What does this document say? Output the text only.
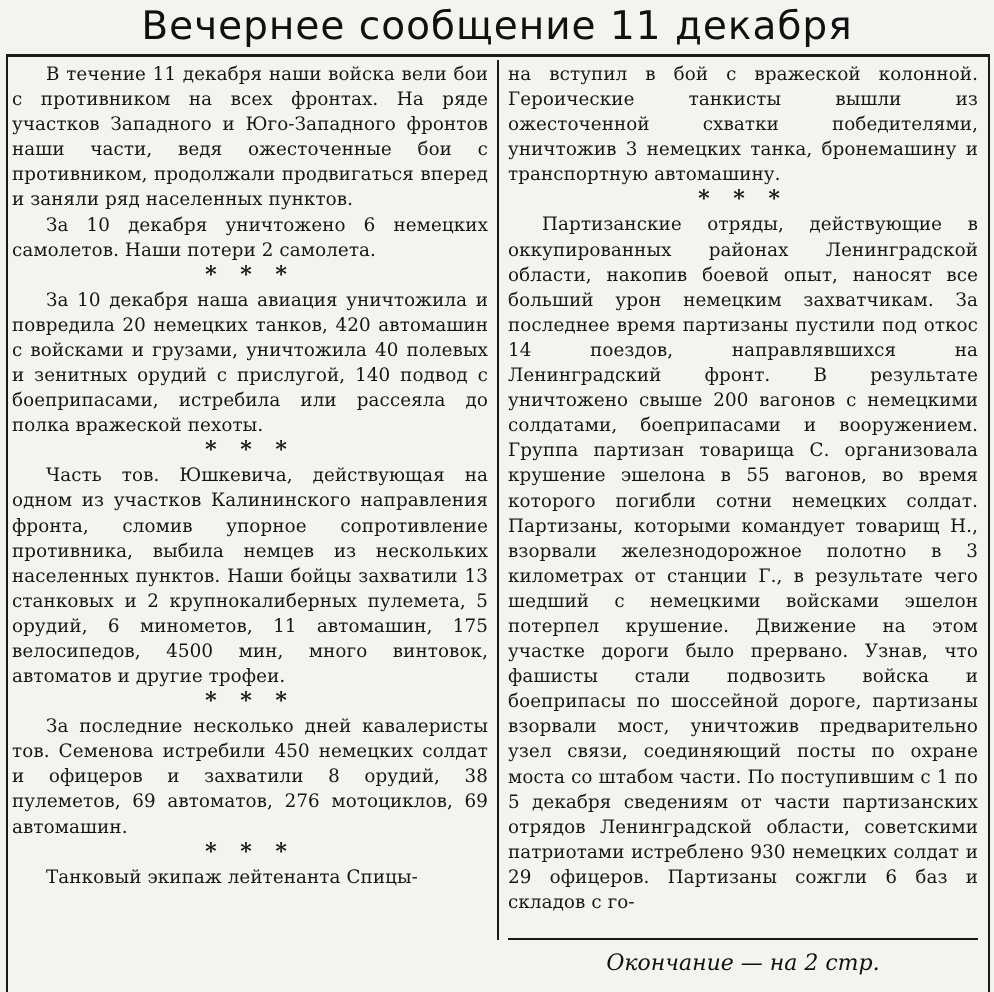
Вечернее сообщение 11 декабря

В течение 11 декабря наши войска вели бои с противником на всех фронтах. На ряде участков Западного и Юго-Западного фронтов наши части, ведя ожесточенные бои с противником, продолжали продвигаться вперед и заняли ряд населенных пунктов.

За 10 декабря уничтожено 6 немецких самолетов. Наши потери 2 самолета.

* * *

За 10 декабря наша авиация уничтожила и повредила 20 немецких танков, 420 автомашин с войсками и грузами, уничтожила 40 полевых и зенитных орудий с прислугой, 140 подвод с боеприпасами, истребила или рассеяла до полка вражеской пехоты.

* * *

Часть тов. Юшкевича, действующая на одном из участков Калининского направления фронта, сломив упорное сопротивление противника, выбила немцев из нескольких населенных пунктов. Наши бойцы захватили 13 станковых и 2 крупнокалиберных пулемета, 5 орудий, 6 минометов, 11 автомашин, 175 велосипедов, 4500 мин, много винтовок, автоматов и другие трофеи.

* * *

За последние несколько дней кавалеристы тов. Семенова истребили 450 немецких солдат и офицеров и захватили 8 орудий, 38 пулеметов, 69 автоматов, 276 мотоциклов, 69 автомашин.

* * *

Танковый экипаж лейтенанта Спицы-

на вступил в бой с вражеской колонной. Героические танкисты вышли из ожесточенной схватки победителями, уничтожив 3 немецких танка, бронемашину и транспортную автомашину.

* * *

Партизанские отряды, действующие в оккупированных районах Ленинградской области, накопив боевой опыт, наносят все больший урон немецким захватчикам. За последнее время партизаны пустили под откос 14 поездов, направлявшихся на Ленинградский фронт. В результате уничтожено свыше 200 вагонов с немецкими солдатами, боеприпасами и вооружением. Группа партизан товарища С. организовала крушение эшелона в 55 вагонов, во время которого погибли сотни немецких солдат. Партизаны, которыми командует товарищ Н., взорвали железнодорожное полотно в 3 километрах от станции Г., в результате чего шедший с немецкими войсками эшелон потерпел крушение. Движение на этом участке дороги было прервано. Узнав, что фашисты стали подвозить войска и боеприпасы по шоссейной дороге, партизаны взорвали мост, уничтожив предварительно узел связи, соединяющий посты по охране моста со штабом части. По поступившим с 1 по 5 декабря сведениям от части партизанских отрядов Ленинградской области, советскими патриотами истреблено 930 немецких солдат и 29 офицеров. Партизаны сожгли 6 баз и складов с го-

Окончание — на 2 стр.
